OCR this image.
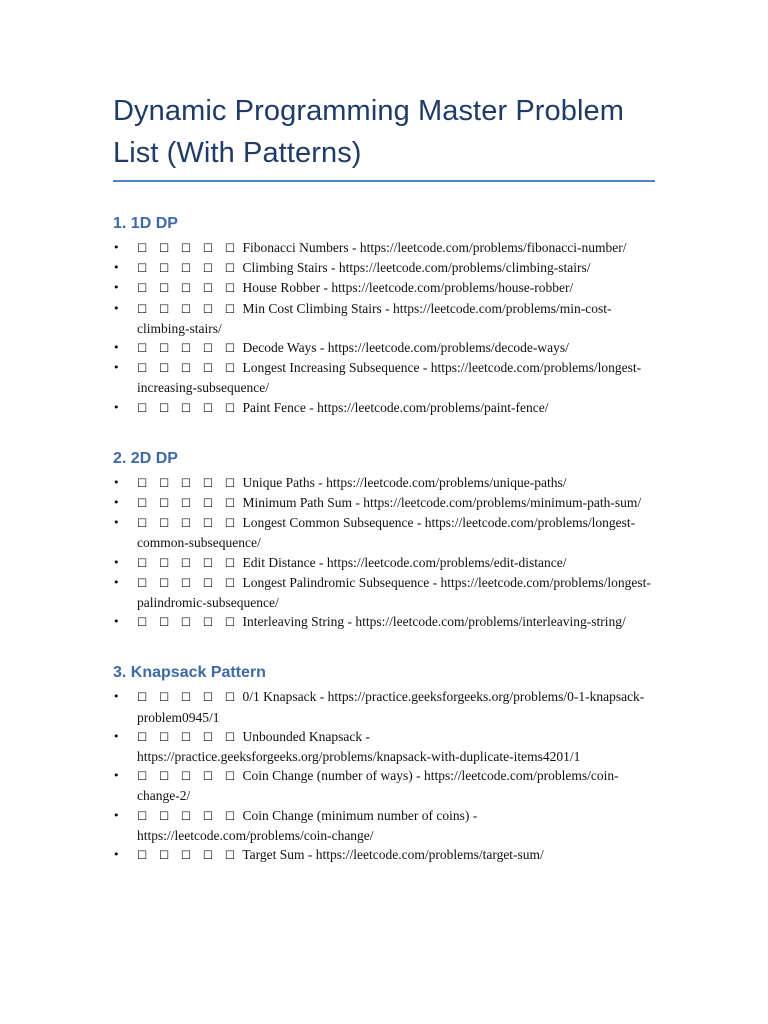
Dynamic Programming Master Problem List (With Patterns)
1. 1D DP
• ☐ ☐ ☐ ☐ ☐ Fibonacci Numbers - https://leetcode.com/problems/fibonacci-number/
• ☐ ☐ ☐ ☐ ☐ Climbing Stairs - https://leetcode.com/problems/climbing-stairs/
• ☐ ☐ ☐ ☐ ☐ House Robber - https://leetcode.com/problems/house-robber/
• ☐ ☐ ☐ ☐ ☐ Min Cost Climbing Stairs - https://leetcode.com/problems/min-cost-climbing-stairs/
• ☐ ☐ ☐ ☐ ☐ Decode Ways - https://leetcode.com/problems/decode-ways/
• ☐ ☐ ☐ ☐ ☐ Longest Increasing Subsequence - https://leetcode.com/problems/longest-increasing-subsequence/
• ☐ ☐ ☐ ☐ ☐ Paint Fence - https://leetcode.com/problems/paint-fence/
2. 2D DP
• ☐ ☐ ☐ ☐ ☐ Unique Paths - https://leetcode.com/problems/unique-paths/
• ☐ ☐ ☐ ☐ ☐ Minimum Path Sum - https://leetcode.com/problems/minimum-path-sum/
• ☐ ☐ ☐ ☐ ☐ Longest Common Subsequence - https://leetcode.com/problems/longest-common-subsequence/
• ☐ ☐ ☐ ☐ ☐ Edit Distance - https://leetcode.com/problems/edit-distance/
• ☐ ☐ ☐ ☐ ☐ Longest Palindromic Subsequence - https://leetcode.com/problems/longest-palindromic-subsequence/
• ☐ ☐ ☐ ☐ ☐ Interleaving String - https://leetcode.com/problems/interleaving-string/
3. Knapsack Pattern
• ☐ ☐ ☐ ☐ ☐ 0/1 Knapsack - https://practice.geeksforgeeks.org/problems/0-1-knapsack-problem0945/1
• ☐ ☐ ☐ ☐ ☐ Unbounded Knapsack - https://practice.geeksforgeeks.org/problems/knapsack-with-duplicate-items4201/1
• ☐ ☐ ☐ ☐ ☐ Coin Change (number of ways) - https://leetcode.com/problems/coin-change-2/
• ☐ ☐ ☐ ☐ ☐ Coin Change (minimum number of coins) - https://leetcode.com/problems/coin-change/
• ☐ ☐ ☐ ☐ ☐ Target Sum - https://leetcode.com/problems/target-sum/
